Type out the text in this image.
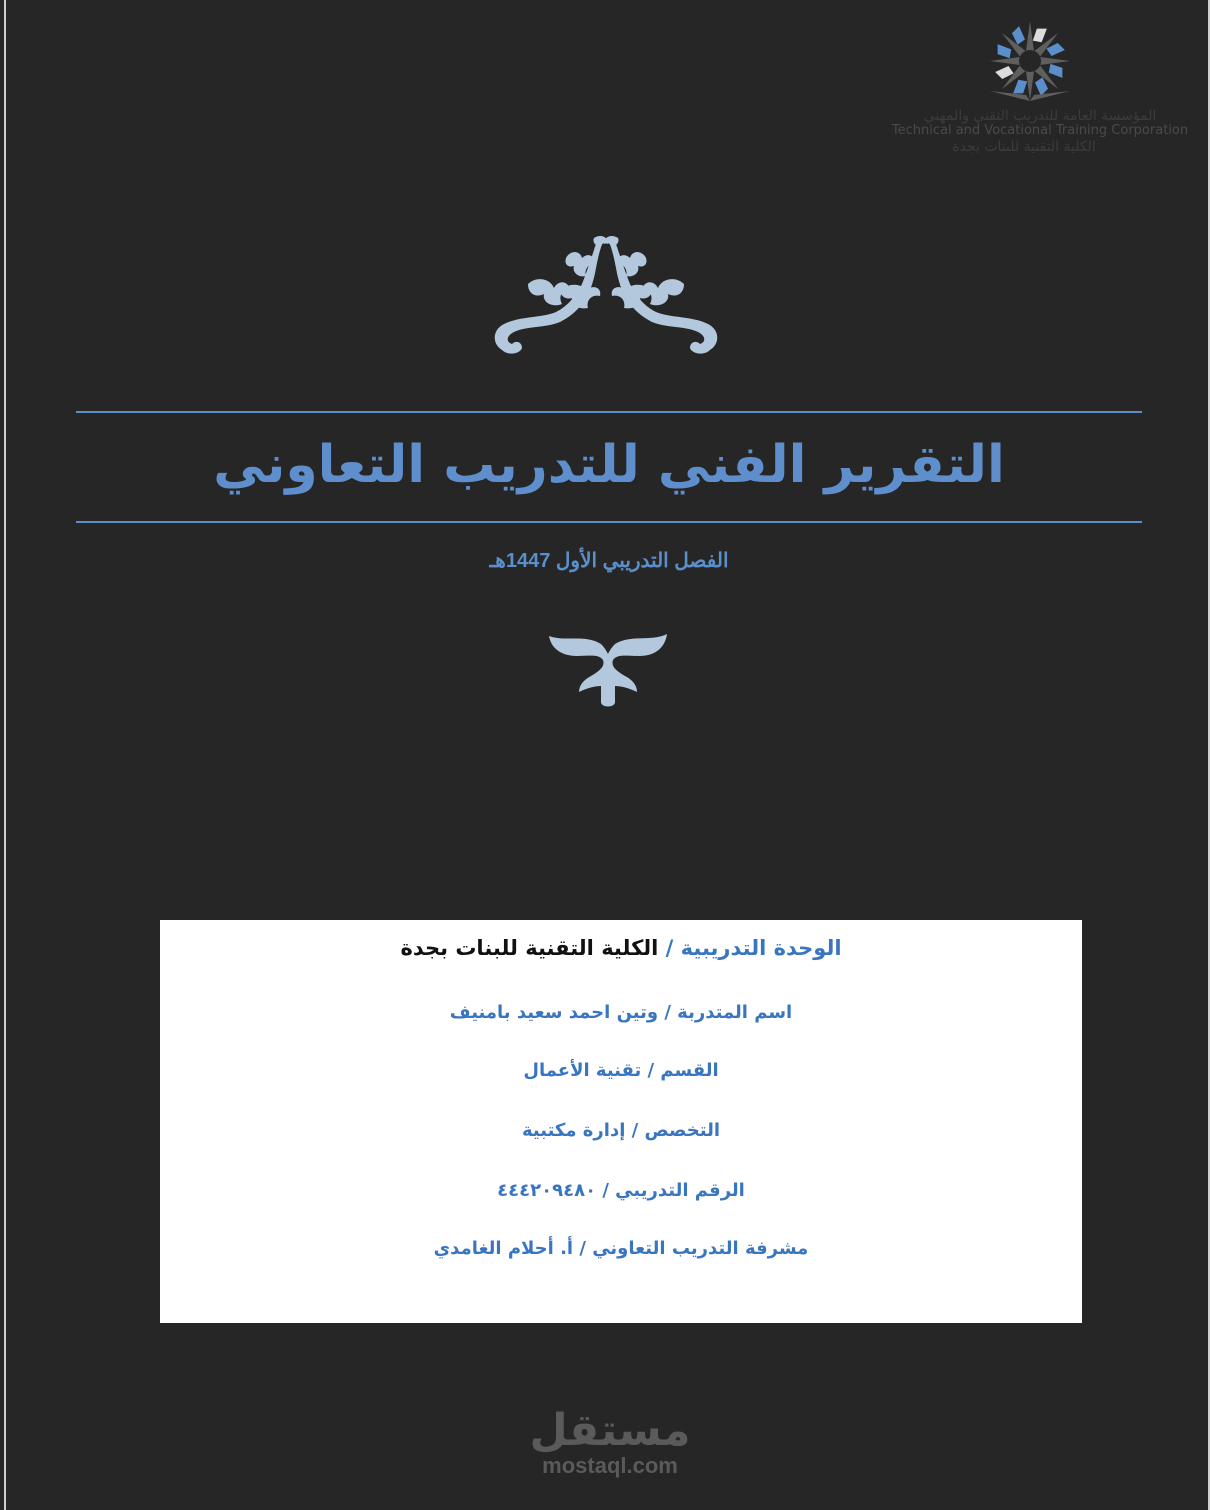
المؤسسة العامة للتدريب التقني والمهني
Technical and Vocational Training Corporation
الكلية التقنية للبنات بجدة
التقرير الفني للتدريب التعاوني
الفصل التدريبي الأول 1447هـ
الوحدة التدريبية / الكلية التقنية للبنات بجدة
اسم المتدربة / وتين احمد سعيد بامنيف
القسم / تقنية الأعمال
التخصص / إدارة مكتبية
الرقم التدريبي / ٤٤٤٢٠٩٤٨٠
مشرفة التدريب التعاوني / أ. أحلام الغامدي
مستقل
mostaql.com
